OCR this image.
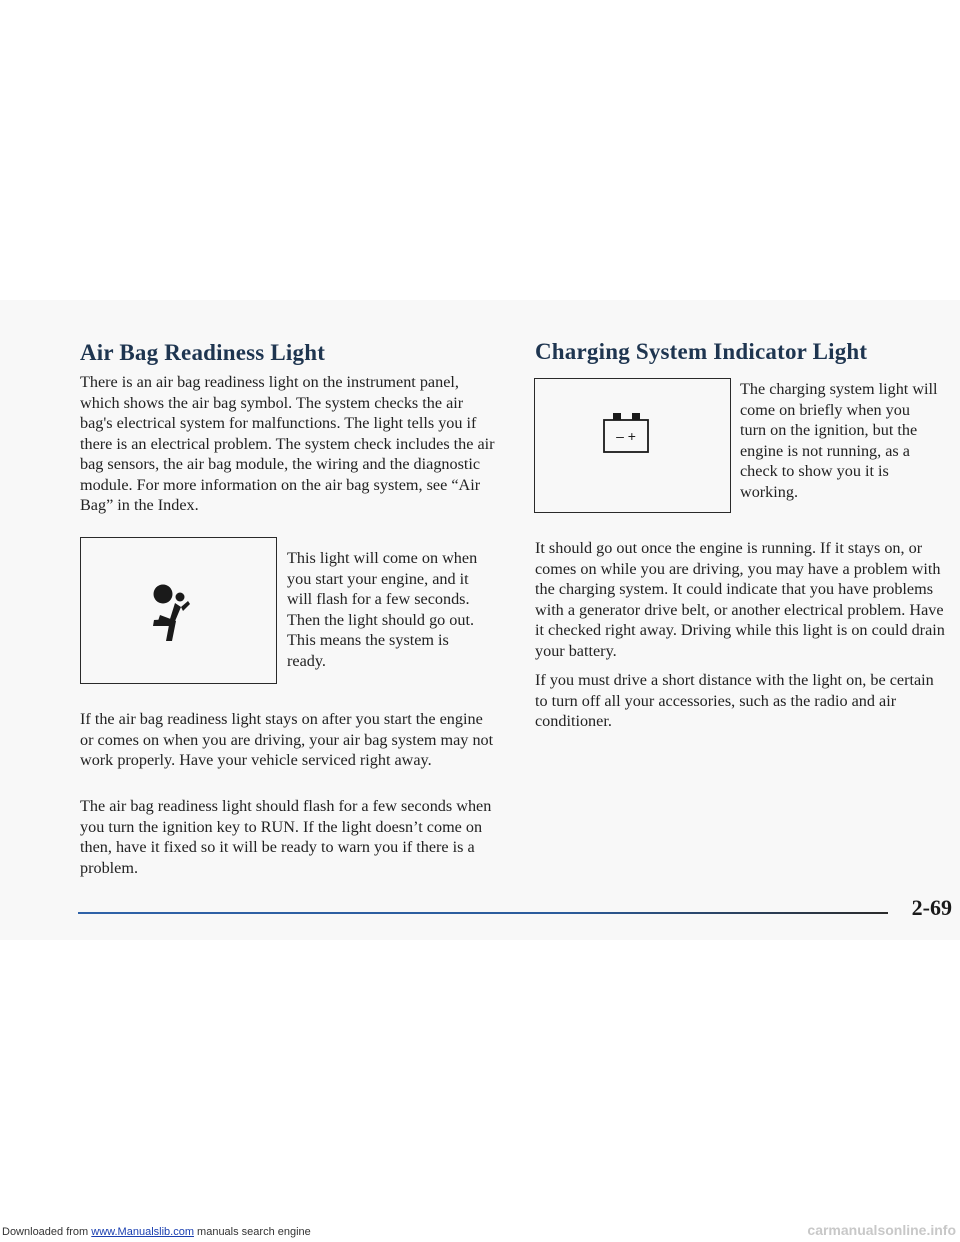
Air Bag Readiness Light

There is an air bag readiness light on the instrument panel, which shows the air bag symbol. The system checks the air bag's electrical system for malfunctions. The light tells you if there is an electrical problem. The system check includes the air bag sensors, the air bag module, the wiring and the diagnostic module. For more information on the air bag system, see “Air Bag” in the Index.

This light will come on when you start your engine, and it will flash for a few seconds. Then the light should go out. This means the system is ready.

If the air bag readiness light stays on after you start the engine or comes on when you are driving, your air bag system may not work properly. Have your vehicle serviced right away.

The air bag readiness light should flash for a few seconds when you turn the ignition key to RUN. If the light doesn’t come on then, have it fixed so it will be ready to warn you if there is a problem.

Charging System Indicator Light
– +

The charging system light will come on briefly when you turn on the ignition, but the engine is not running, as a check to show you it is working.

It should go out once the engine is running. If it stays on, or comes on while you are driving, you may have a problem with the charging system. It could indicate that you have problems with a generator drive belt, or another electrical problem. Have it checked right away. Driving while this light is on could drain your battery.

If you must drive a short distance with the light on, be certain to turn off all your accessories, such as the radio and air conditioner.

2-69
Downloaded from www.Manualslib.com manuals search engine	carmanualsonline.info
